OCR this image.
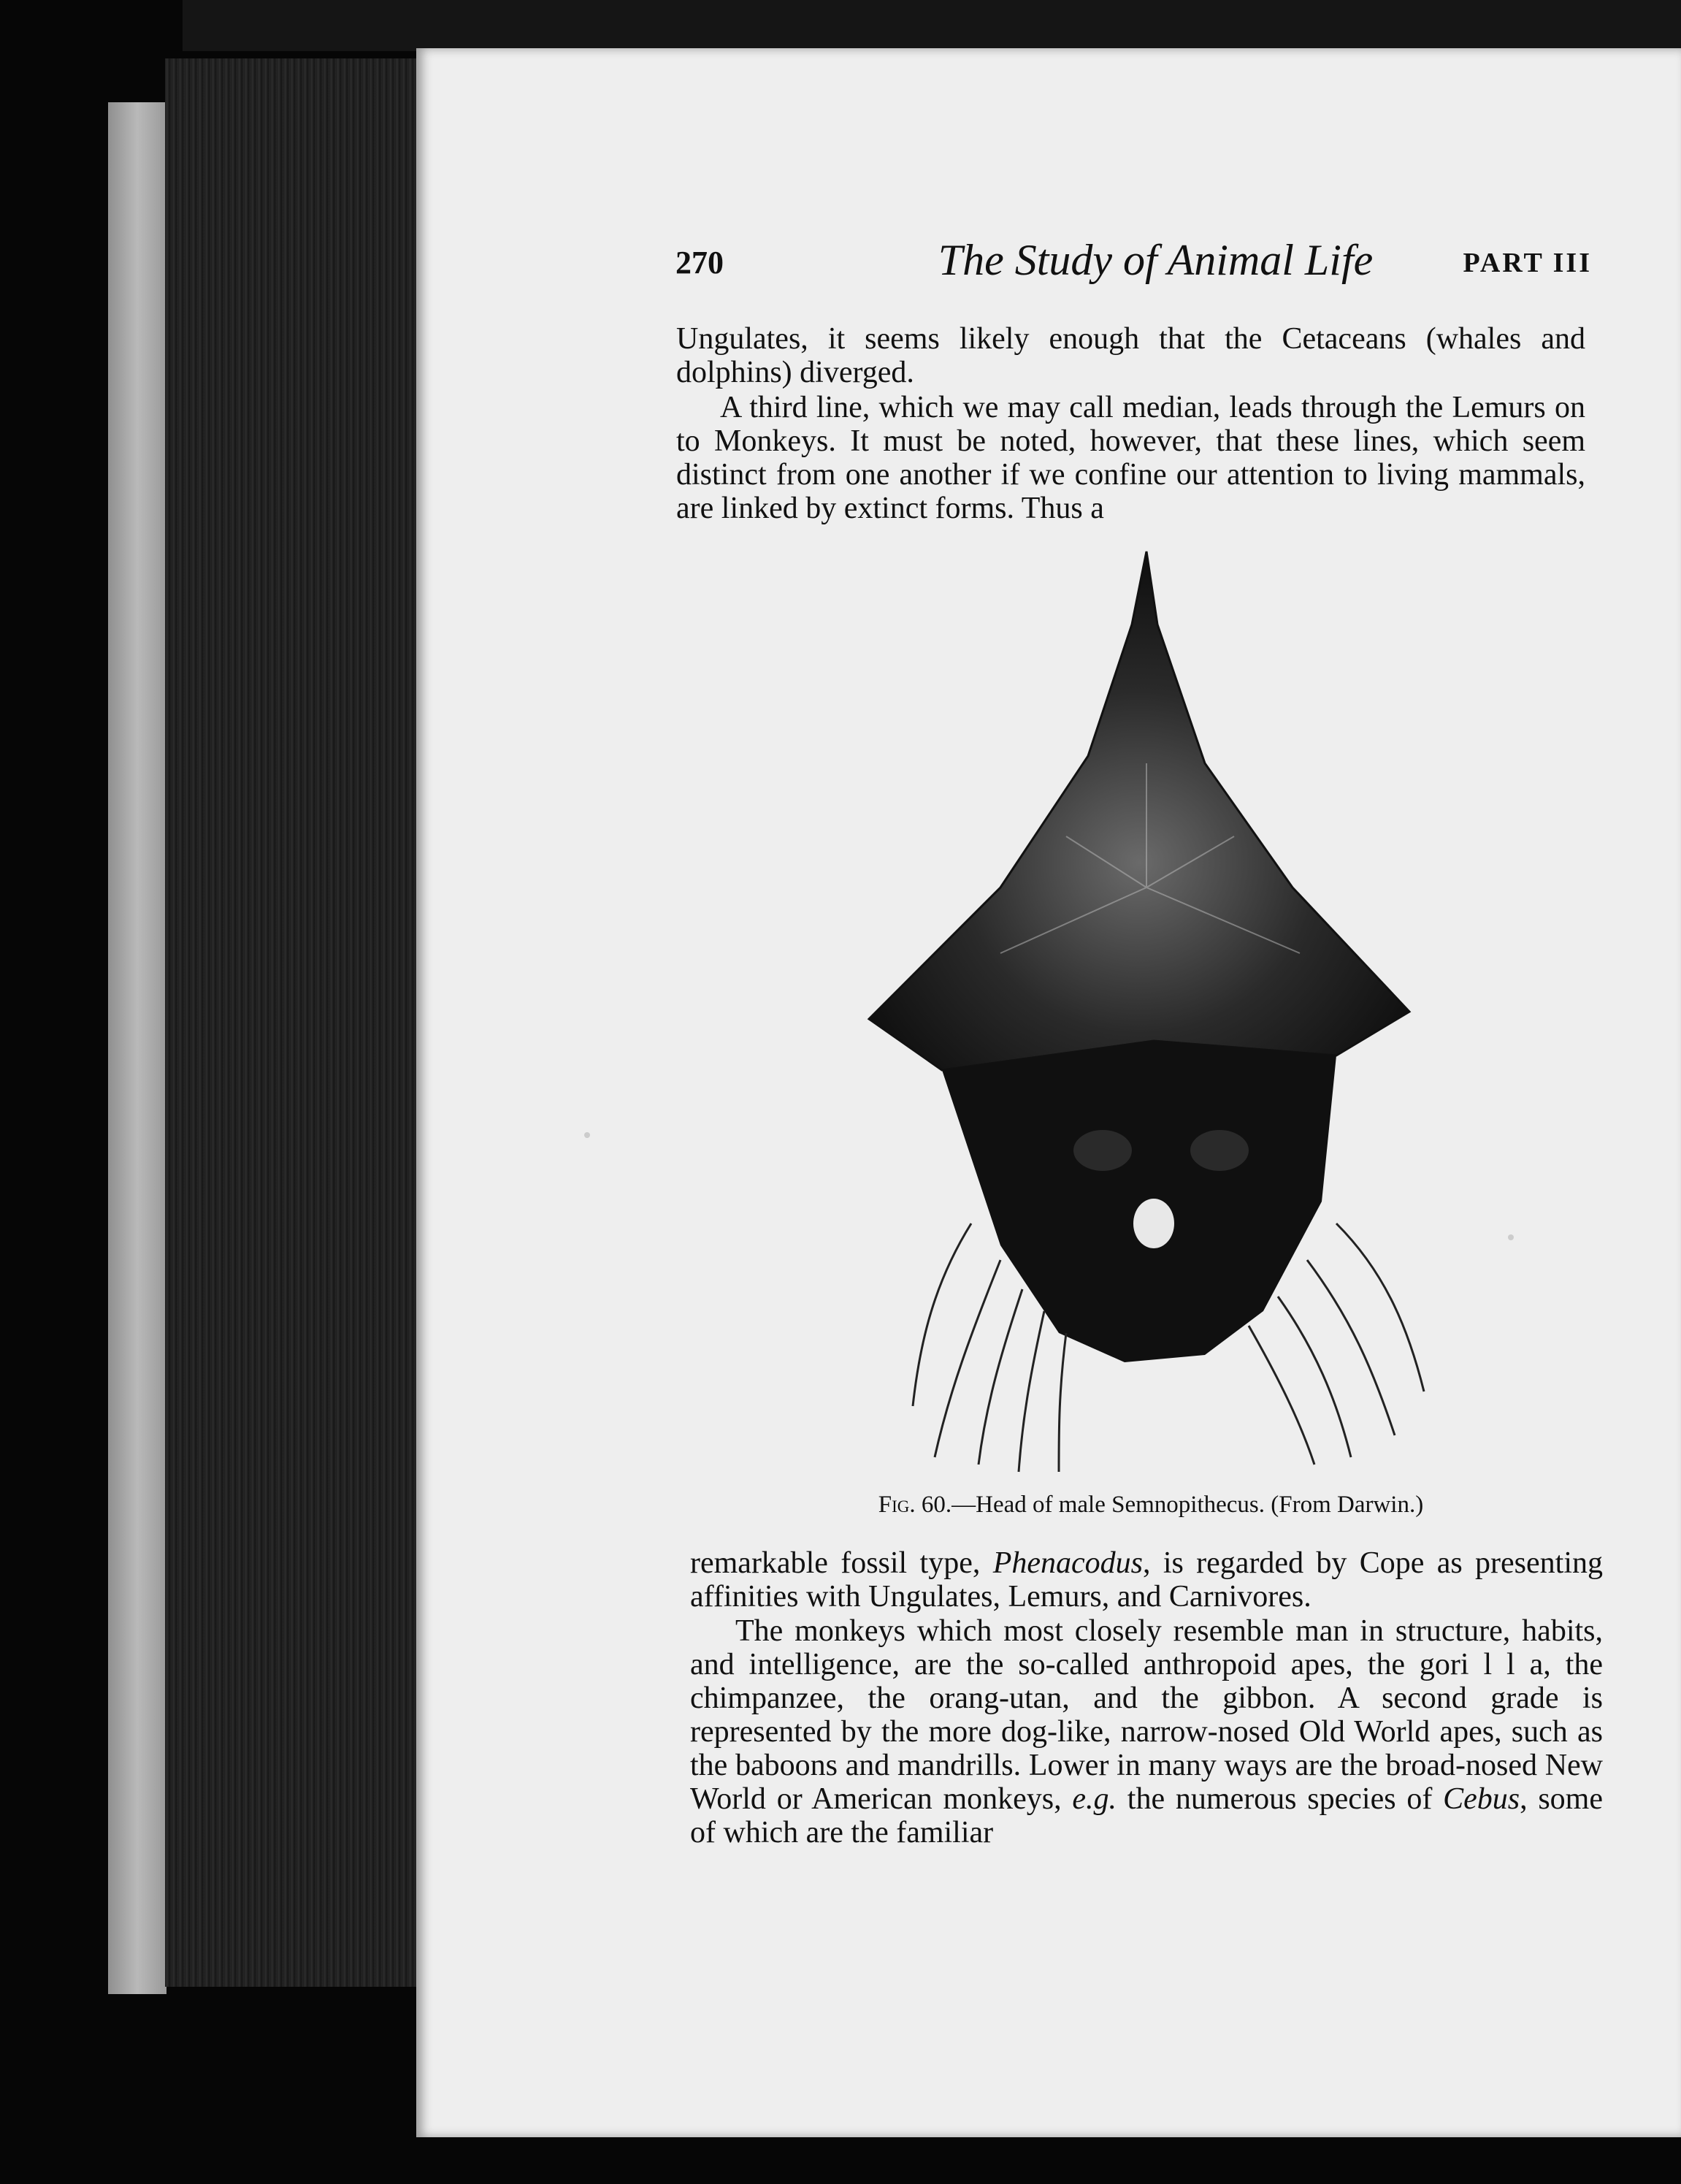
270	The Study of Animal Life	PART III

Ungulates, it seems likely enough that the Cetaceans (whales and dolphins) diverged.

A third line, which we may call median, leads through the Lemurs on to Monkeys. It must be noted, however, that these lines, which seem distinct from one another if we confine our attention to living mammals, are linked by extinct forms. Thus a

Fig. 60.—Head of male Semnopithecus. (From Darwin.)

remarkable fossil type, Phenacodus, is regarded by Cope as presenting affinities with Ungulates, Lemurs, and Carnivores.

The monkeys which most closely resemble man in structure, habits, and intelligence, are the so-called anthropoid apes, the gori l l a, the chimpanzee, the orang-utan, and the gibbon. A second grade is represented by the more dog-like, narrow-nosed Old World apes, such as the baboons and mandrills. Lower in many ways are the broad-nosed New World or American monkeys, e.g. the numerous species of Cebus, some of which are the familiar
